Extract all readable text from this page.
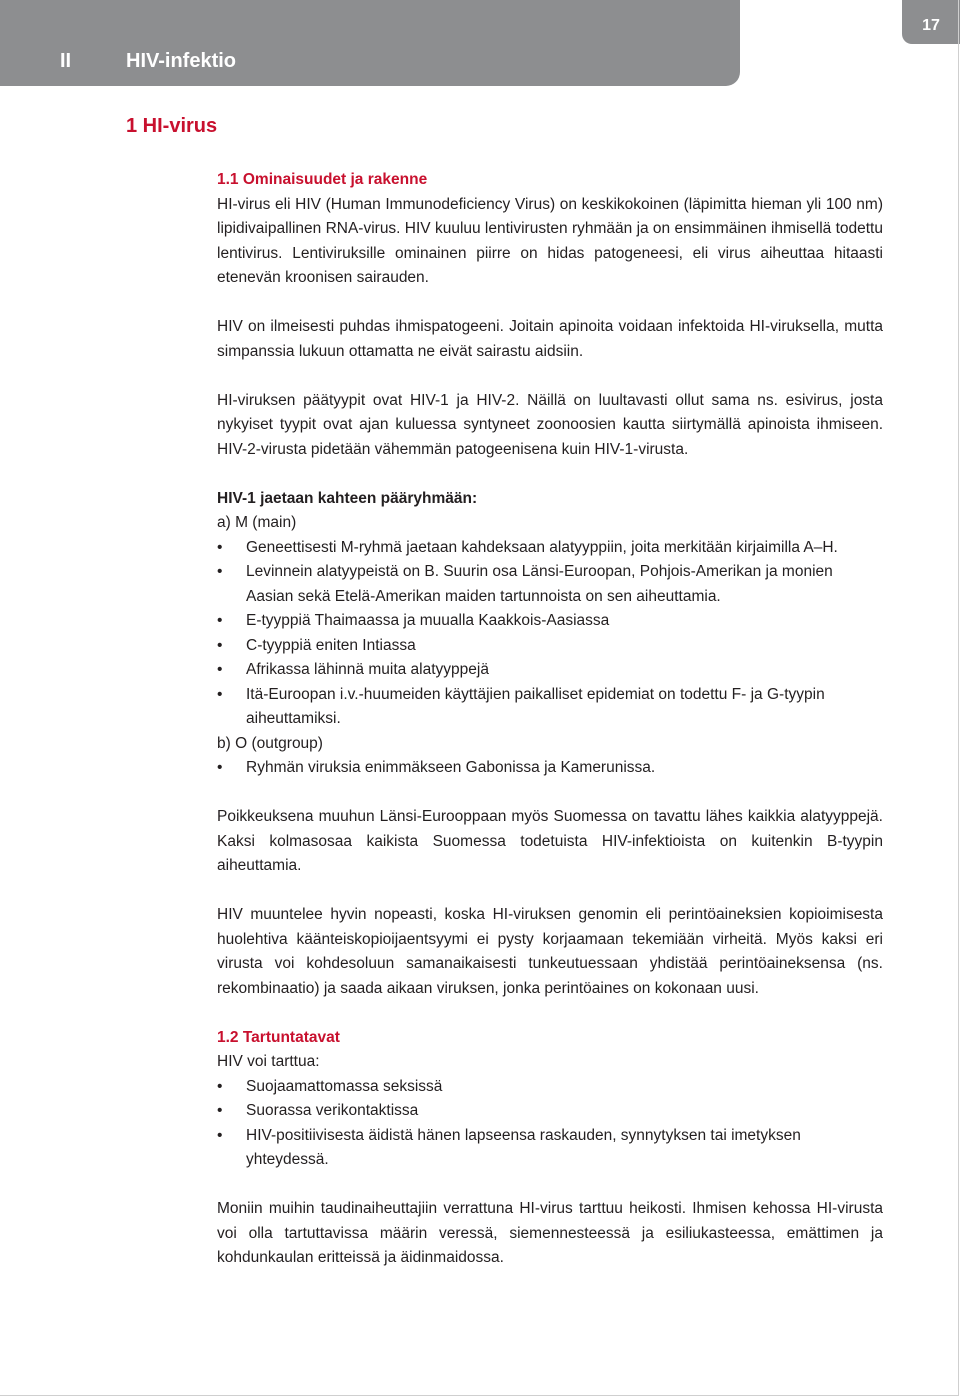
II	HIV-infektio
17
1 HI-virus

1.1 Ominaisuudet ja rakenne

HI-virus eli HIV (Human Immunodeficiency Virus) on keskikokoinen (läpimitta hieman yli 100 nm) lipidivaipallinen RNA-virus. HIV kuuluu lentivirusten ryhmään ja on ensimmäinen ihmisellä todettu lentivirus. Lentiviruksille ominainen piirre on hidas patogeneesi, eli virus aiheuttaa hitaasti etenevän kroonisen sairauden.

HIV on ilmeisesti puhdas ihmispatogeeni. Joitain apinoita voidaan infektoida HI-viruksella, mutta simpanssia lukuun ottamatta ne eivät sairastu aidsiin.

HI-viruksen päätyypit ovat HIV-1 ja HIV-2. Näillä on luultavasti ollut sama ns. esivirus, josta nykyiset tyypit ovat ajan kuluessa syntyneet zoonoosien kautta siirtymällä apinoista ihmiseen. HIV-2-virusta pidetään vähemmän patogeenisena kuin HIV-1-virusta.

HIV-1 jaetaan kahteen pääryhmään:

a) M (main)

• Geneettisesti M-ryhmä jaetaan kahdeksaan alatyyppiin, joita merkitään kirjaimilla A–H.
• Levinnein alatyypeistä on B. Suurin osa Länsi-Euroopan, Pohjois-Amerikan ja monien Aasian sekä Etelä-Amerikan maiden tartunnoista on sen aiheuttamia.
• E-tyyppiä Thaimaassa ja muualla Kaakkois-Aasiassa
• C-tyyppiä eniten Intiassa
• Afrikassa lähinnä muita alatyyppejä
• Itä-Euroopan i.v.-huumeiden käyttäjien paikalliset epidemiat on todettu F- ja G-tyypin aiheuttamiksi.

b) O (outgroup)

• Ryhmän viruksia enimmäkseen Gabonissa ja Kamerunissa.

Poikkeuksena muuhun Länsi-Eurooppaan myös Suomessa on tavattu lähes kaikkia alatyyppejä. Kaksi kolmasosaa kaikista Suomessa todetuista HIV-infektioista on kuitenkin B-tyypin aiheuttamia.

HIV muuntelee hyvin nopeasti, koska HI-viruksen genomin eli perintöaineksien kopioimisesta huolehtiva käänteiskopioijaentsyymi ei pysty korjaamaan tekemiään virheitä. Myös kaksi eri virusta voi kohdesoluun samanaikaisesti tunkeutuessaan yhdistää perintöaineksensa (ns. rekombinaatio) ja saada aikaan viruksen, jonka perintöaines on kokonaan uusi.

1.2 Tartuntatavat

HIV voi tarttua:

• Suojaamattomassa seksissä
• Suorassa verikontaktissa
• HIV-positiivisesta äidistä hänen lapseensa raskauden, synnytyksen tai imetyksen yhteydessä.

Moniin muihin taudinaiheuttajiin verrattuna HI-virus tarttuu heikosti. Ihmisen kehossa HI-virusta voi olla tartuttavissa määrin veressä, siemennesteessä ja esiliukasteessa, emättimen ja kohdunkaulan eritteissä ja äidinmaidossa.
